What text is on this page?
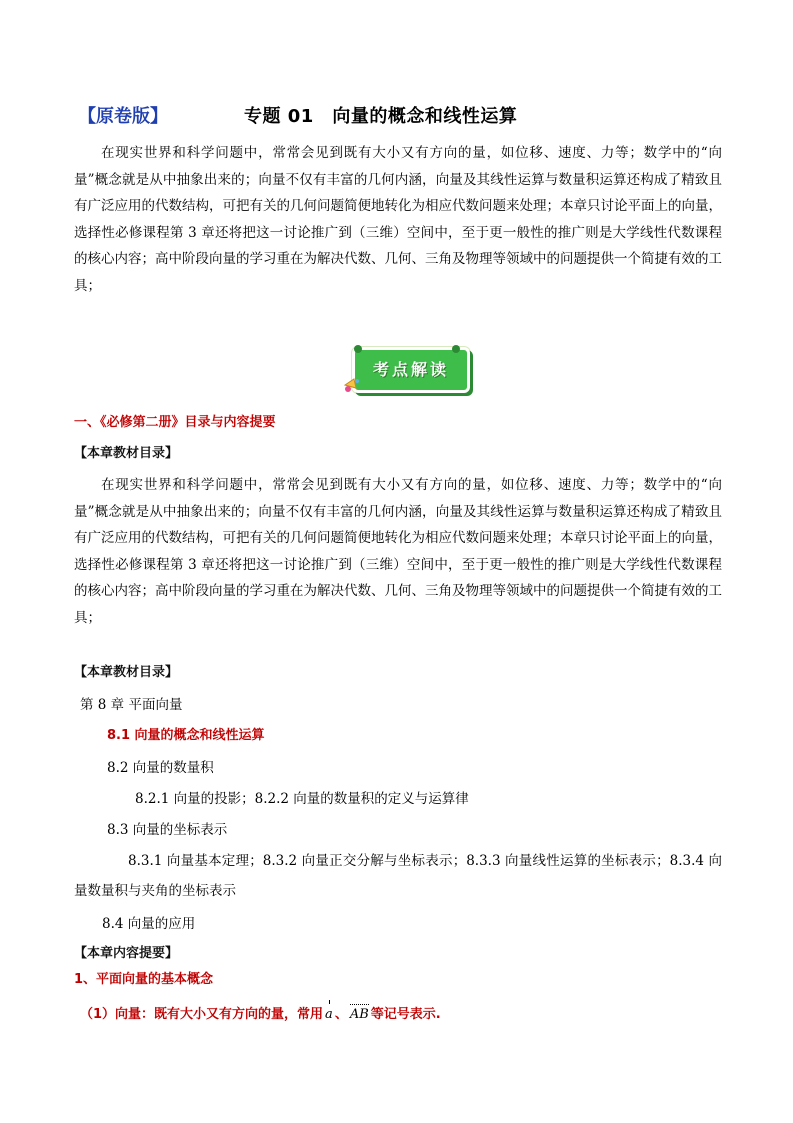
【原卷版】	专题 01　向量的概念和线性运算

在现实世界和科学问题中，常常会见到既有大小又有方向的量，如位移、速度、力等；数学中的“向量”概念就是从中抽象出来的；向量不仅有丰富的几何内涵，向量及其线性运算与数量积运算还构成了精致且有广泛应用的代数结构，可把有关的几何问题简便地转化为相应代数问题来处理；本章只讨论平面上的向量，选择性必修课程第 3 章还将把这一讨论推广到（三维）空间中，至于更一般性的推广则是大学线性代数课程的核心内容；高中阶段向量的学习重在为解决代数、几何、三角及物理等领域中的问题提供一个简捷有效的工具；

考点解读
一、《必修第二册》目录与内容提要
【本章教材目录】

在现实世界和科学问题中，常常会见到既有大小又有方向的量，如位移、速度、力等；数学中的“向量”概念就是从中抽象出来的；向量不仅有丰富的几何内涵，向量及其线性运算与数量积运算还构成了精致且有广泛应用的代数结构，可把有关的几何问题简便地转化为相应代数问题来处理；本章只讨论平面上的向量，选择性必修课程第 3 章还将把这一讨论推广到（三维）空间中，至于更一般性的推广则是大学线性代数课程的核心内容；高中阶段向量的学习重在为解决代数、几何、三角及物理等领域中的问题提供一个简捷有效的工具；

【本章教材目录】
第 8 章 平面向量
8.1 向量的概念和线性运算
8.2 向量的数量积
8.2.1 向量的投影；8.2.2 向量的数量积的定义与运算律
8.3 向量的坐标表示

8.3.1 向量基本定理；8.3.2 向量正交分解与坐标表示；8.3.3 向量线性运算的坐标表示；8.3.4 向量数量积与夹角的坐标表示

8.4 向量的应用
【本章内容提要】
1、平面向量的基本概念
（1）向量：既有大小又有方向的量，常用 a 、 AB 等记号表示.
